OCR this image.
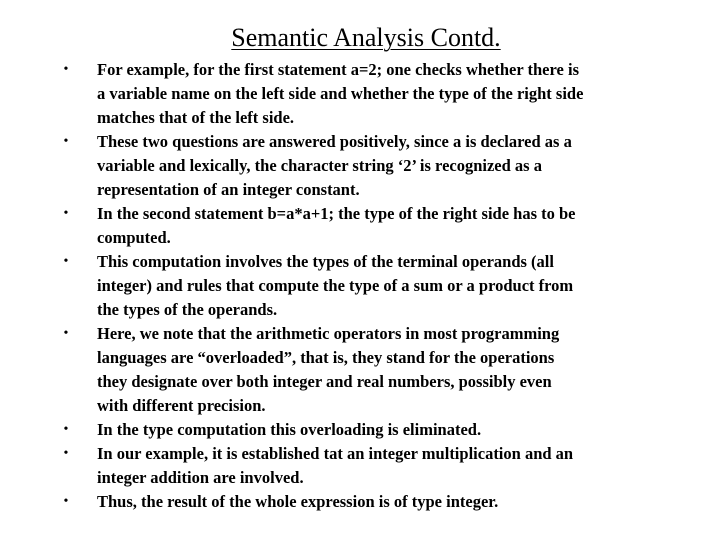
Semantic Analysis Contd.
• For example, for the first statement a=2; one checks whether there is
a variable name on the left side and whether the type of the right side
matches that of the left side.
• These two questions are answered positively, since a is declared as a
variable and lexically, the character string ‘2’ is recognized as a
representation of an integer constant.
• In the second statement b=a*a+1; the type of the right side has to be
computed.
• This computation involves the types of the terminal operands (all
integer) and rules that compute the type of a sum or a product from
the types of the operands.
• Here, we note that the arithmetic operators in most programming
languages are “overloaded”, that is, they stand for the operations
they designate over both integer and real numbers, possibly even
with different precision.
• In the type computation this overloading is eliminated.
• In our example, it is established tat an integer multiplication and an
integer addition are involved.
• Thus, the result of the whole expression is of type integer.
